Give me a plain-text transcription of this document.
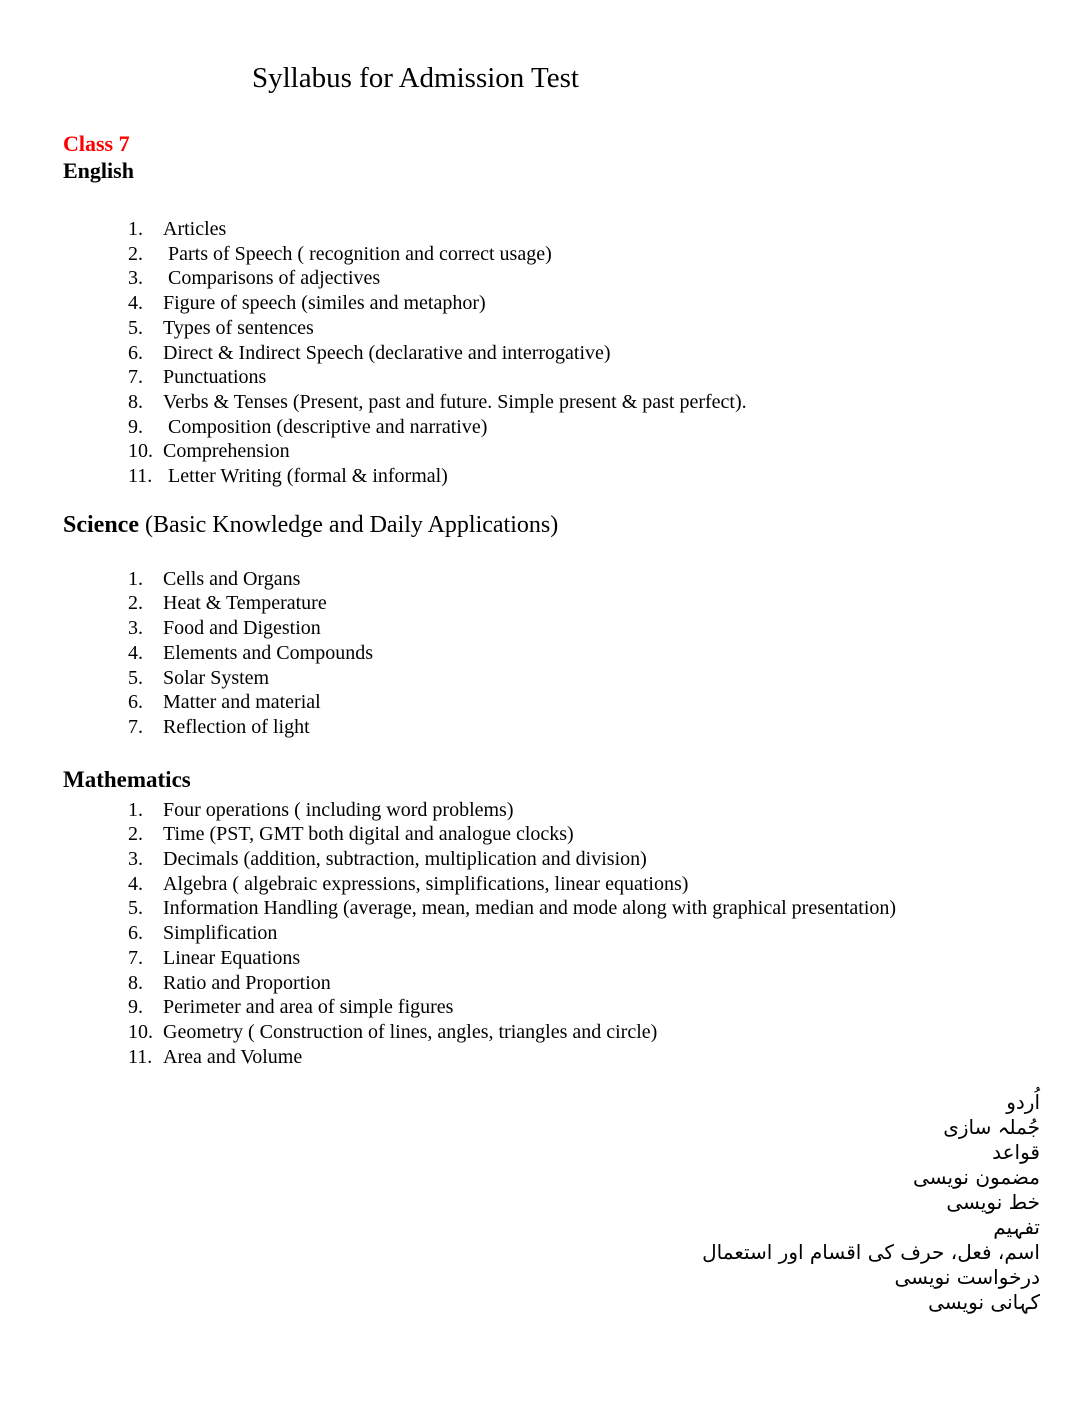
Syllabus for Admission Test
Class 7
English
1.	Articles
2.	Parts of Speech ( recognition and correct usage)
3.	Comparisons of adjectives
4.	Figure of speech (similes and metaphor)
5.	Types of sentences
6.	Direct & Indirect Speech (declarative and interrogative)
7.	Punctuations
8.	Verbs & Tenses (Present, past and future. Simple present & past perfect).
9.	Composition (descriptive and narrative)
10. Comprehension
11. Letter Writing (formal & informal)
Science (Basic Knowledge and Daily Applications)
1.	Cells and Organs
2.	Heat & Temperature
3.	Food and Digestion
4.	Elements and Compounds
5.	Solar System
6.	Matter and material
7.	Reflection of light
Mathematics
1.	Four operations ( including word problems)
2.	Time (PST, GMT both digital and analogue clocks)
3.	Decimals (addition, subtraction, multiplication and division)
4.	Algebra ( algebraic expressions, simplifications, linear equations)
5.	Information Handling (average, mean, median and mode along with graphical presentation)
6.	Simplification
7.	Linear Equations
8.	Ratio and Proportion
9.	Perimeter and area of simple figures
10. Geometry ( Construction of lines, angles, triangles and circle)
11. Area and Volume
اُردو
جُملہ سازی
قواعد
مضمون نویسی
خط نویسی
تفہیم
اسم، فعل، حرف کی اقسام اور استعمال
درخواست نویسی
کہانی نویسی
